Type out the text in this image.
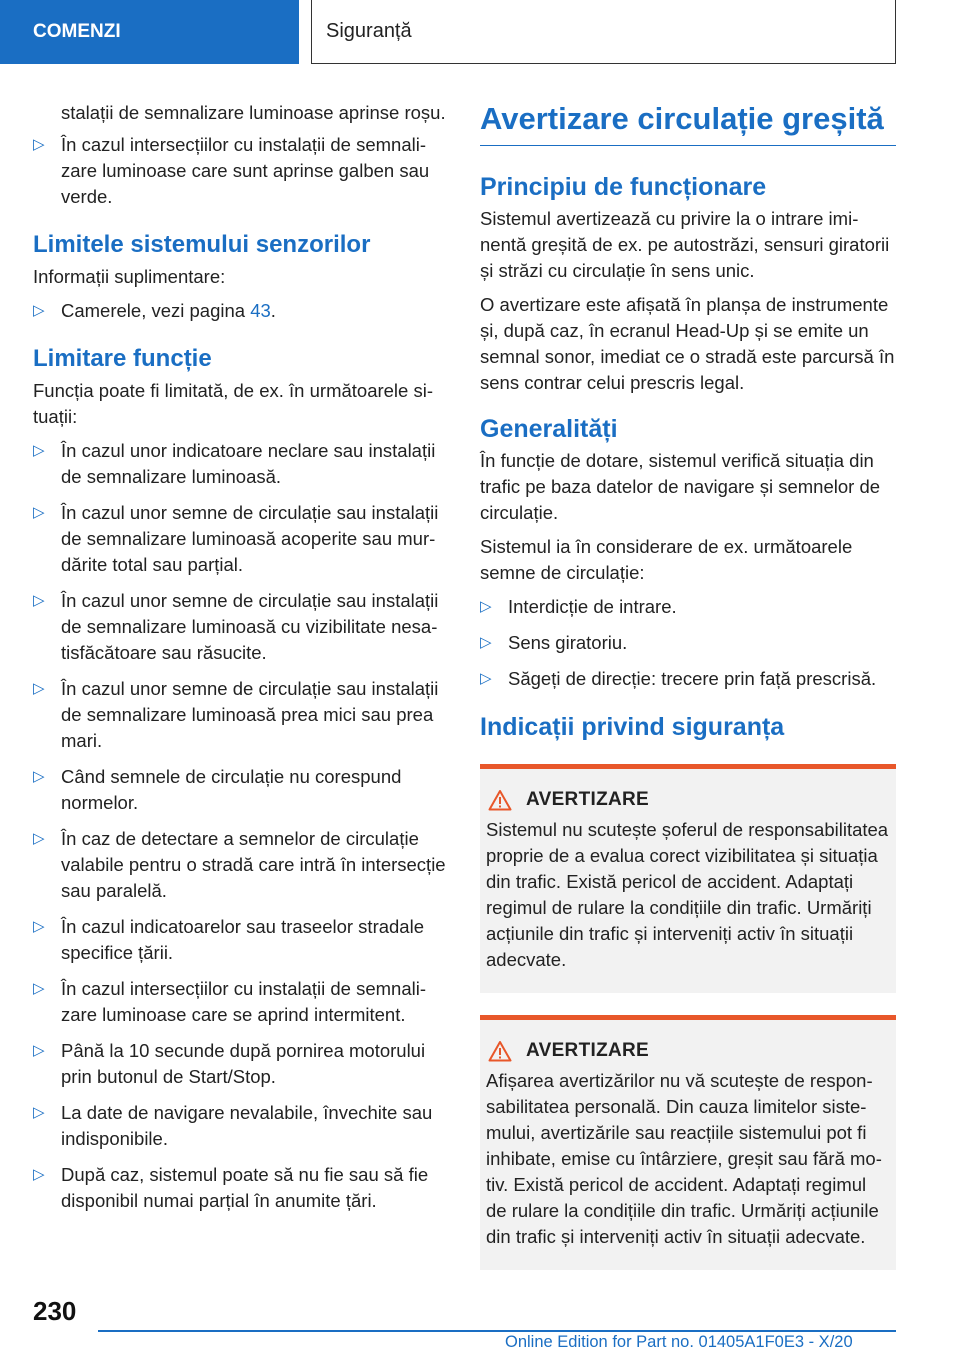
COMENZI	Siguranță

stalații de semnalizare luminoase aprinse roșu.

▷ În cazul intersecțiilor cu instalații de semnalizare luminoase care sunt aprinse galben sau verde.

Limitele sistemului senzorilor

Informații suplimentare:

▷ Camerele, vezi pagina 43.

Limitare funcție

Funcția poate fi limitată, de ex. în următoarele situații:

▷ În cazul unor indicatoare neclare sau instalații de semnalizare luminoasă.

▷ În cazul unor semne de circulație sau instalații de semnalizare luminoasă acoperite sau murdărite total sau parțial.

▷ În cazul unor semne de circulație sau instalații de semnalizare luminoasă cu vizibilitate nesatisfăcătoare sau răsucite.

▷ În cazul unor semne de circulație sau instalații de semnalizare luminoasă prea mici sau prea mari.

▷ Când semnele de circulație nu corespund normelor.

▷ În caz de detectare a semnelor de circulație valabile pentru o stradă care intră în intersecție sau paralelă.

▷ În cazul indicatoarelor sau traseelor stradale specifice țării.

▷ În cazul intersecțiilor cu instalații de semnalizare luminoase care se aprind intermitent.

▷ Până la 10 secunde după pornirea motorului prin butonul de Start/Stop.

▷ La date de navigare nevalabile, învechite sau indisponibile.

▷ După caz, sistemul poate să nu fie sau să fie disponibil numai parțial în anumite țări.

Avertizare circulație greșită
Principiu de funcționare

Sistemul avertizează cu privire la o intrare iminentă greșită de ex. pe autostrăzi, sensuri giratorii și străzi cu circulație în sens unic.

O avertizare este afișată în planșa de instrumente și, după caz, în ecranul Head-Up și se emite un semnal sonor, imediat ce o stradă este parcursă în sens contrar celui prescris legal.

Generalități

În funcție de dotare, sistemul verifică situația din trafic pe baza datelor de navigare și semnelor de circulație.

Sistemul ia în considerare de ex. următoarele semne de circulație:

▷ Interdicție de intrare.

▷ Sens giratoriu.

▷ Săgeți de direcție: trecere prin față prescrisă.

Indicații privind siguranța
AVERTIZARE

Sistemul nu scutește șoferul de responsabilitatea proprie de a evalua corect vizibilitatea și situația din trafic. Există pericol de accident. Adaptați regimul de rulare la condițiile din trafic. Urmăriți acțiunile din trafic și interveniți activ în situații adecvate.

AVERTIZARE

Afișarea avertizărilor nu vă scutește de responsabilitatea personală. Din cauza limitelor sistemului, avertizările sau reacțiile sistemului pot fi inhibate, emise cu întârziere, greșit sau fără motiv. Există pericol de accident. Adaptați regimul de rulare la condițiile din trafic. Urmăriți acțiunile din trafic și interveniți activ în situații adecvate.

230
Online Edition for Part no. 01405A1F0E3 - X/20
